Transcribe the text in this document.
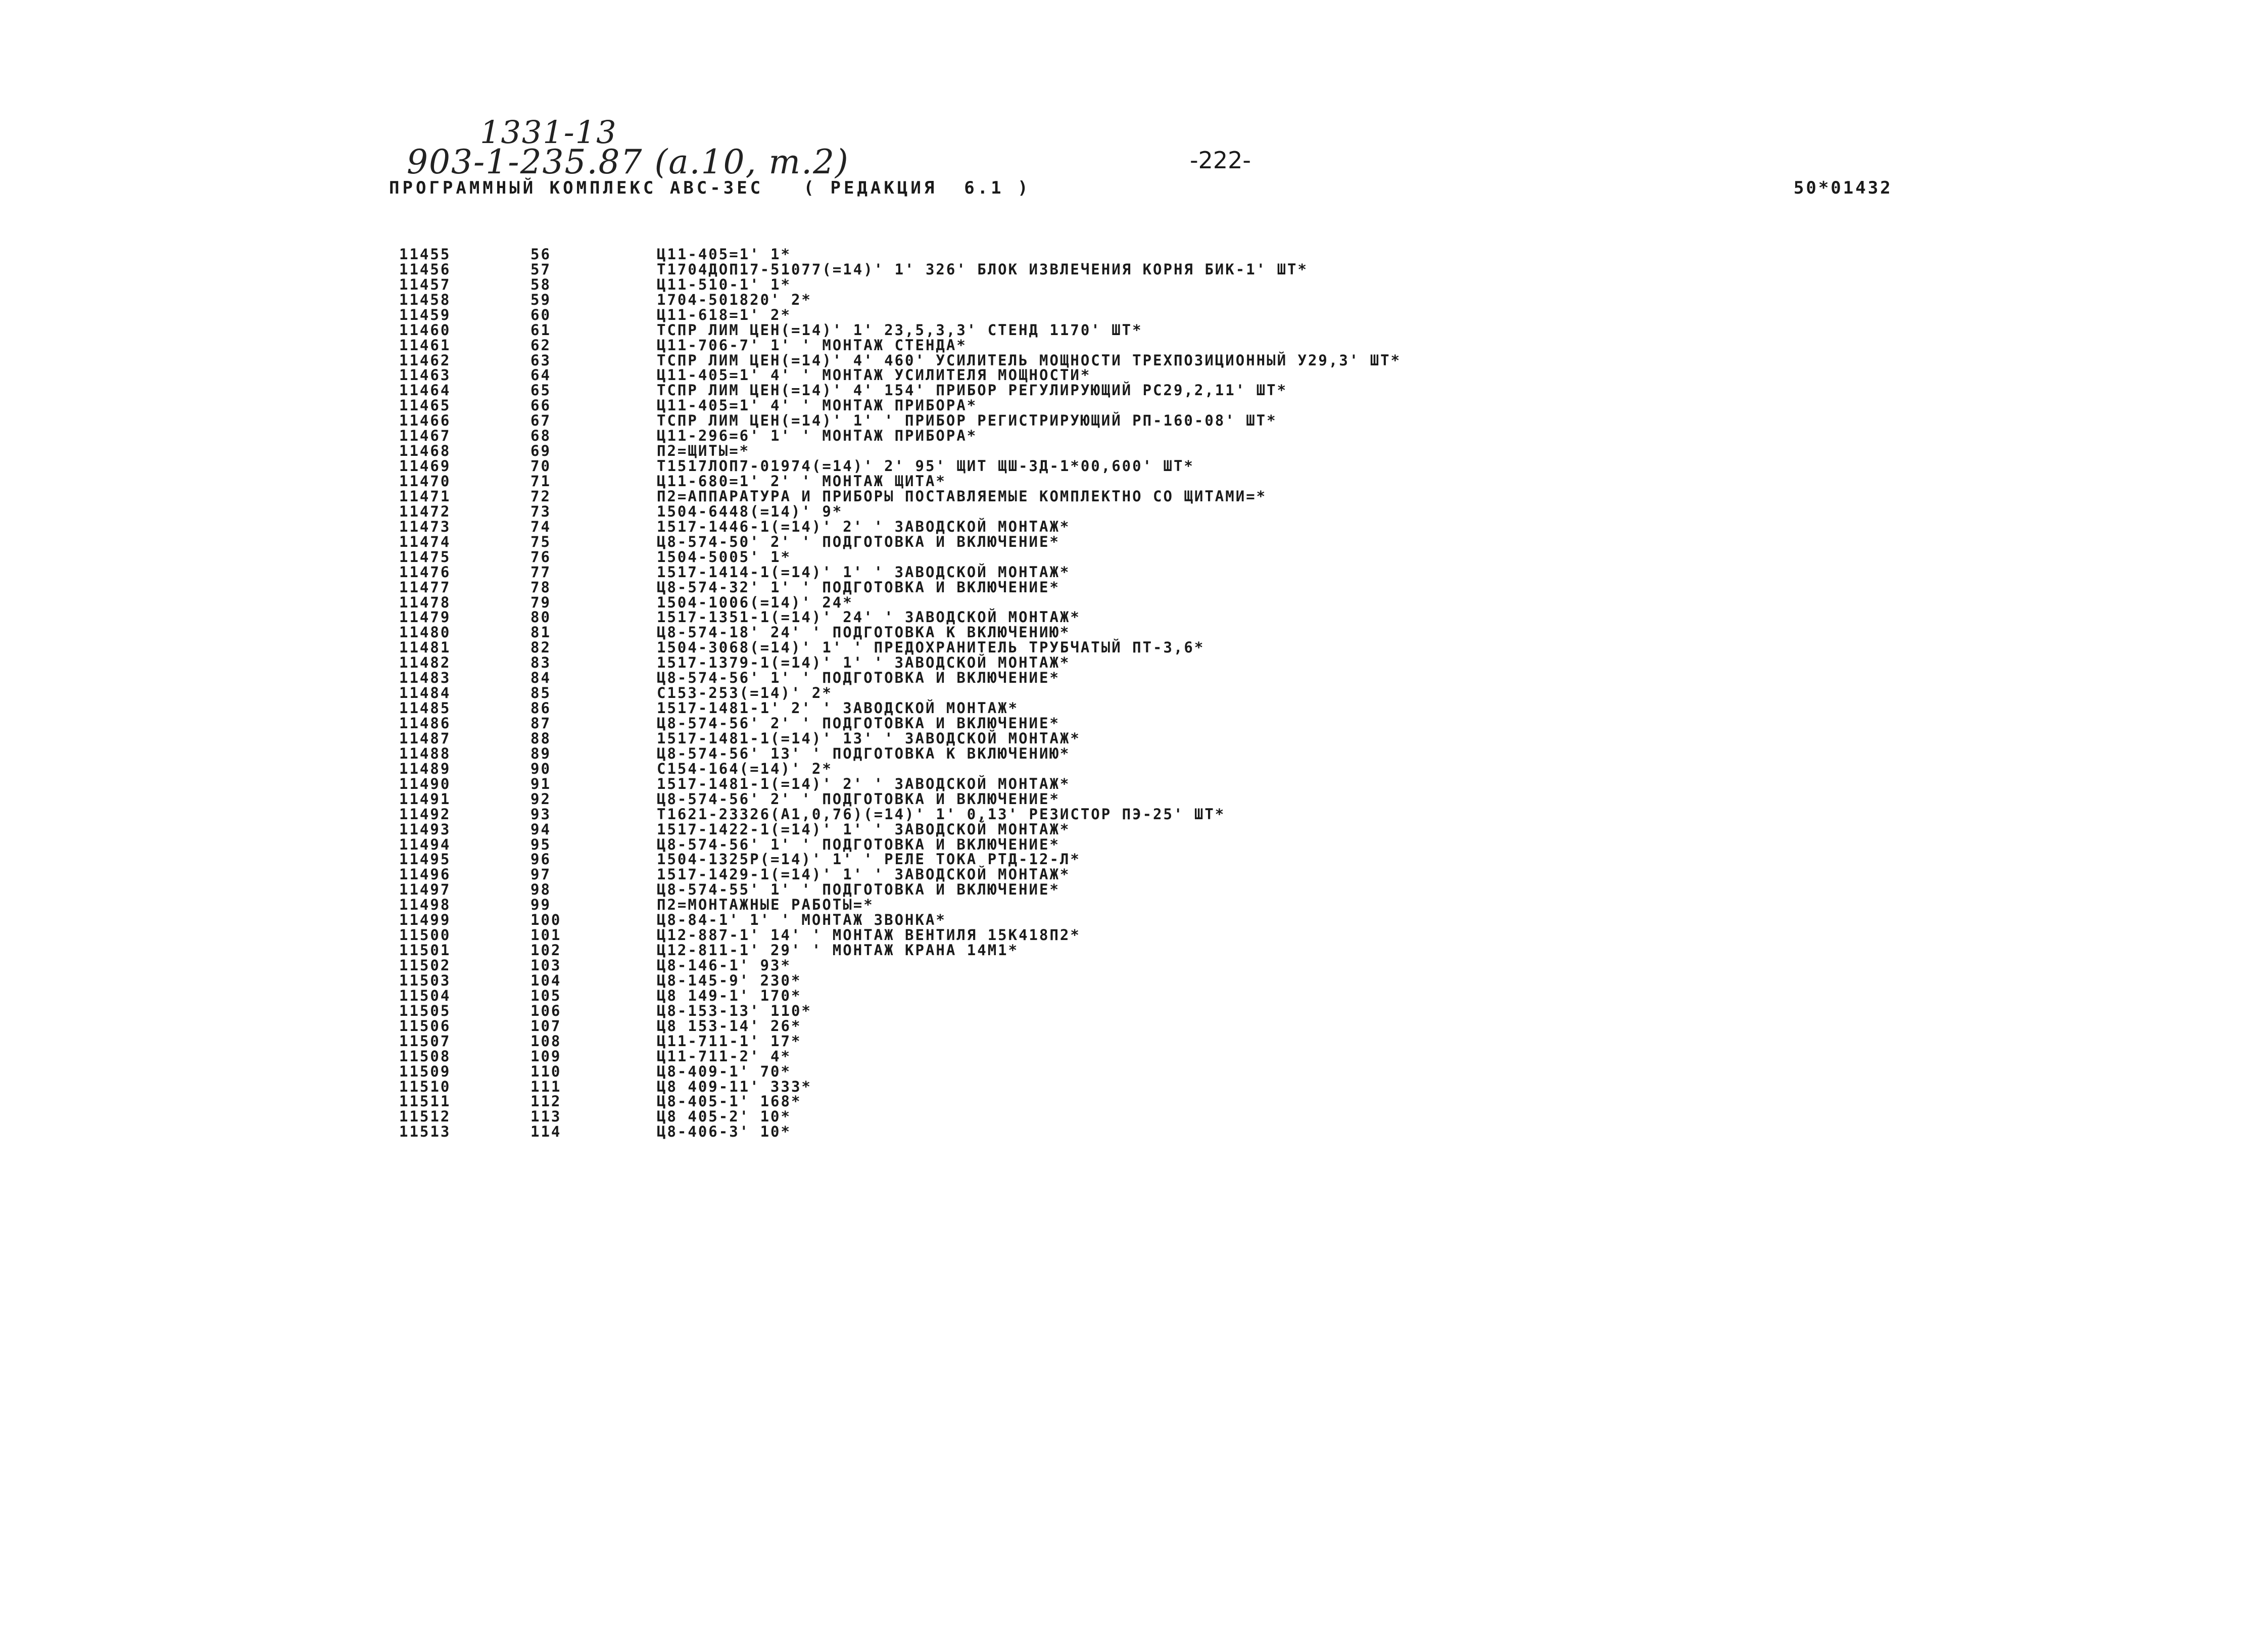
1331-13
903-1-235.87 (a.10, т.2)	-222-
ПРОГРАММНЫЙ КОМПЛЕКС АВС-3ЕС   ( РЕДАКЦИЯ  6.1 )	50*01432
11455	56	Ц11-405=1' 1*
11456	57	Т1704ДОП17-51077(=14)' 1' 326' БЛОК ИЗВЛЕЧЕНИЯ КОРНЯ БИК-1' ШТ*
11457	58	Ц11-510-1' 1*
11458	59	1704-501820' 2*
11459	60	Ц11-618=1' 2*
11460	61	ТСПР ЛИМ ЦЕН(=14)' 1' 23,5,3,3' СТЕНД 1170' ШТ*
11461	62	Ц11-706-7' 1' ' МОНТАЖ СТЕНДА*
11462	63	ТСПР ЛИМ ЦЕН(=14)' 4' 460' УСИЛИТЕЛЬ МОЩНОСТИ ТРЕХПОЗИЦИОННЫЙ У29,3' ШТ*
11463	64	Ц11-405=1' 4' ' МОНТАЖ УСИЛИТЕЛЯ МОЩНОСТИ*
11464	65	ТСПР ЛИМ ЦЕН(=14)' 4' 154' ПРИБОР РЕГУЛИРУЮЩИЙ РС29,2,11' ШТ*
11465	66	Ц11-405=1' 4' ' МОНТАЖ ПРИБОРА*
11466	67	ТСПР ЛИМ ЦЕН(=14)' 1' ' ПРИБОР РЕГИСТРИРУЮЩИЙ РП-160-08' ШТ*
11467	68	Ц11-296=6' 1' ' МОНТАЖ ПРИБОРА*
11468	69	П2=ЩИТЫ=*
11469	70	Т1517ЛОП7-01974(=14)' 2' 95' ЩИТ ЩШ-3Д-1*00,600' ШТ*
11470	71	Ц11-680=1' 2' ' МОНТАЖ ЩИТА*
11471	72	П2=АППАРАТУРА И ПРИБОРЫ ПОСТАВЛЯЕМЫЕ КОМПЛЕКТНО СО ЩИТАМИ=*
11472	73	1504-6448(=14)' 9*
11473	74	1517-1446-1(=14)' 2' ' ЗАВОДСКОЙ МОНТАЖ*
11474	75	Ц8-574-50' 2' ' ПОДГОТОВКА И ВКЛЮЧЕНИЕ*
11475	76	1504-5005' 1*
11476	77	1517-1414-1(=14)' 1' ' ЗАВОДСКОЙ МОНТАЖ*
11477	78	Ц8-574-32' 1' ' ПОДГОТОВКА И ВКЛЮЧЕНИЕ*
11478	79	1504-1006(=14)' 24*
11479	80	1517-1351-1(=14)' 24' ' ЗАВОДСКОЙ МОНТАЖ*
11480	81	Ц8-574-18' 24' ' ПОДГОТОВКА К ВКЛЮЧЕНИЮ*
11481	82	1504-3068(=14)' 1' ' ПРЕДОХРАНИТЕЛЬ ТРУБЧАТЫЙ ПТ-3,6*
11482	83	1517-1379-1(=14)' 1' ' ЗАВОДСКОЙ МОНТАЖ*
11483	84	Ц8-574-56' 1' ' ПОДГОТОВКА И ВКЛЮЧЕНИЕ*
11484	85	С153-253(=14)' 2*
11485	86	1517-1481-1' 2' ' ЗАВОДСКОЙ МОНТАЖ*
11486	87	Ц8-574-56' 2' ' ПОДГОТОВКА И ВКЛЮЧЕНИЕ*
11487	88	1517-1481-1(=14)' 13' ' ЗАВОДСКОЙ МОНТАЖ*
11488	89	Ц8-574-56' 13' ' ПОДГОТОВКА К ВКЛЮЧЕНИЮ*
11489	90	С154-164(=14)' 2*
11490	91	1517-1481-1(=14)' 2' ' ЗАВОДСКОЙ МОНТАЖ*
11491	92	Ц8-574-56' 2' ' ПОДГОТОВКА И ВКЛЮЧЕНИЕ*
11492	93	Т1621-23326(А1,0,76)(=14)' 1' 0,13' РЕЗИСТОР ПЭ-25' ШТ*
11493	94	1517-1422-1(=14)' 1' ' ЗАВОДСКОЙ МОНТАЖ*
11494	95	Ц8-574-56' 1' ' ПОДГОТОВКА И ВКЛЮЧЕНИЕ*
11495	96	1504-1325Р(=14)' 1' ' РЕЛЕ ТОКА РТД-12-Л*
11496	97	1517-1429-1(=14)' 1' ' ЗАВОДСКОЙ МОНТАЖ*
11497	98	Ц8-574-55' 1' ' ПОДГОТОВКА И ВКЛЮЧЕНИЕ*
11498	99	П2=МОНТАЖНЫЕ РАБОТЫ=*
11499	100	Ц8-84-1' 1' ' МОНТАЖ ЗВОНКА*
11500	101	Ц12-887-1' 14' ' МОНТАЖ ВЕНТИЛЯ 15К418П2*
11501	102	Ц12-811-1' 29' ' МОНТАЖ КРАНА 14М1*
11502	103	Ц8-146-1' 93*
11503	104	Ц8-145-9' 230*
11504	105	Ц8 149-1' 170*
11505	106	Ц8-153-13' 110*
11506	107	Ц8 153-14' 26*
11507	108	Ц11-711-1' 17*
11508	109	Ц11-711-2' 4*
11509	110	Ц8-409-1' 70*
11510	111	Ц8 409-11' 333*
11511	112	Ц8-405-1' 168*
11512	113	Ц8 405-2' 10*
11513	114	Ц8-406-3' 10*
